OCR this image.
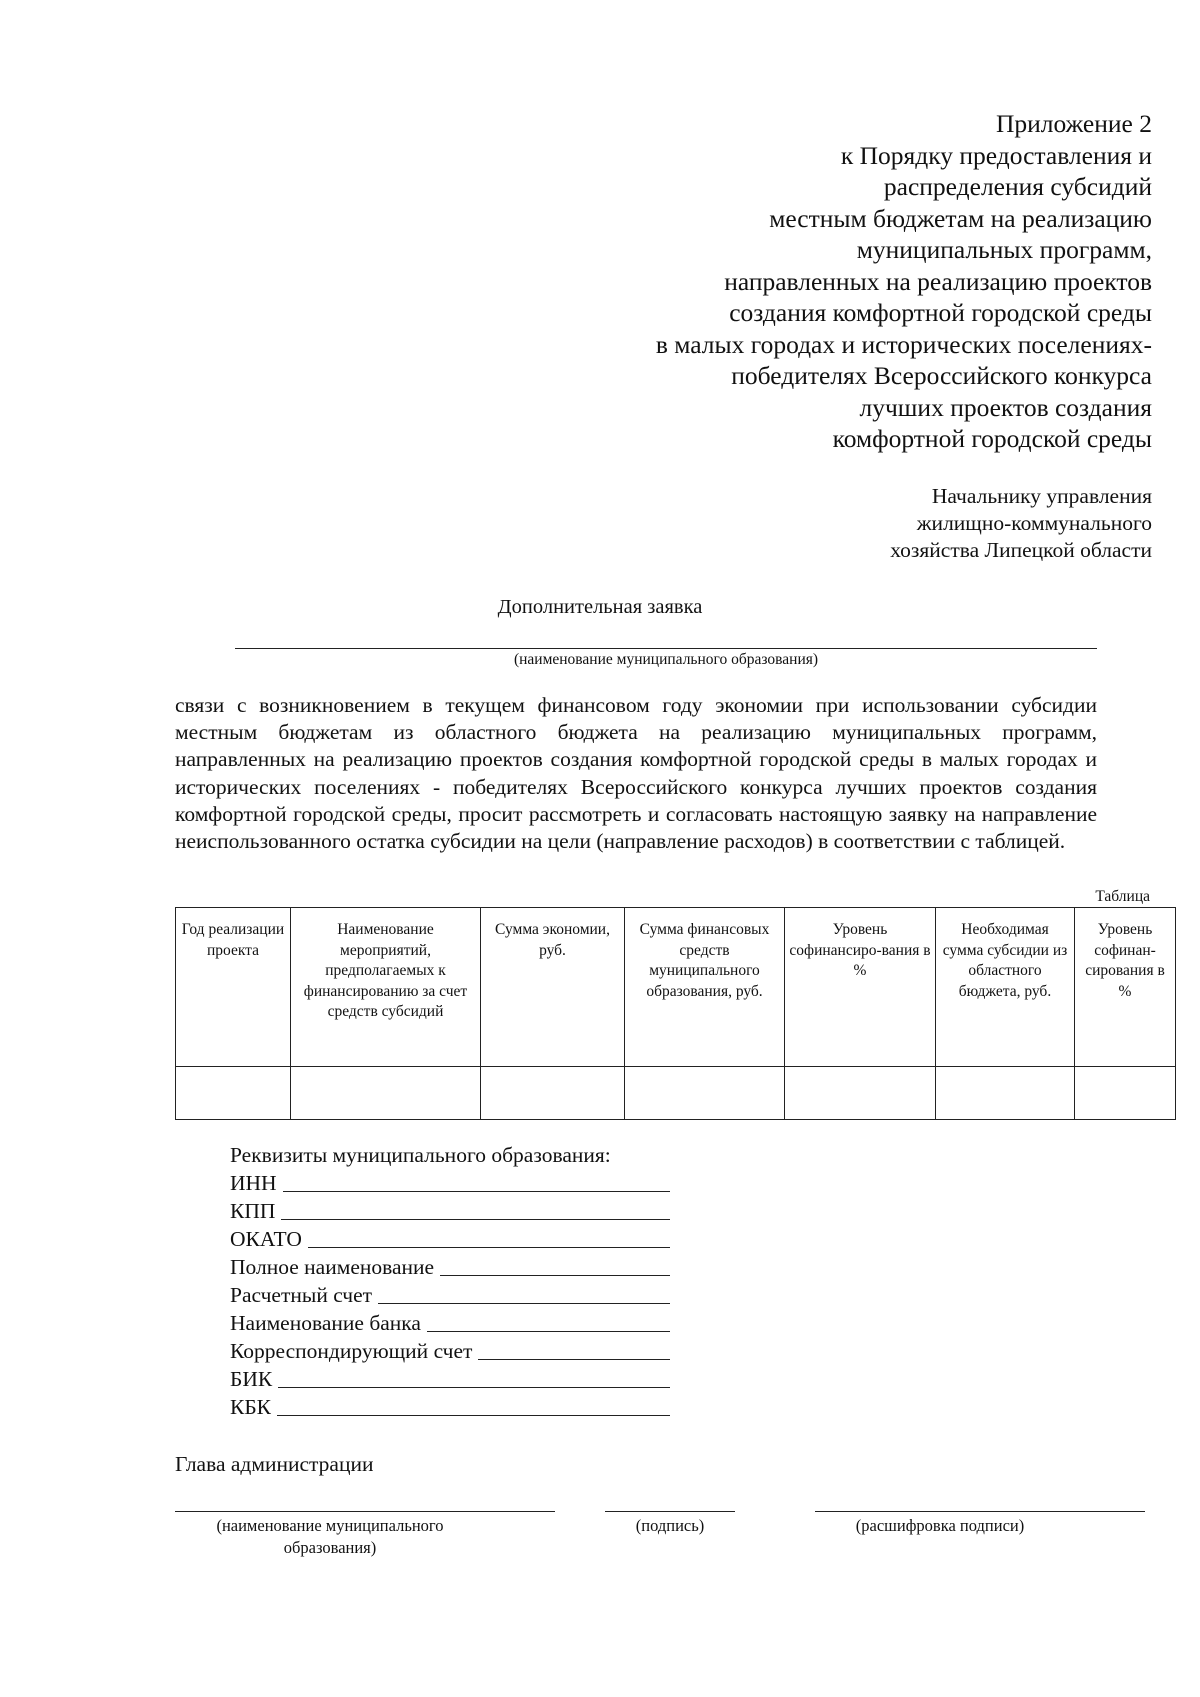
Приложение 2
к Порядку предоставления и
распределения субсидий
местным бюджетам на реализацию
муниципальных программ,
направленных на реализацию проектов
создания комфортной городской среды
в малых городах и исторических поселениях-
победителях Всероссийского конкурса
лучших проектов создания
комфортной городской среды
Начальнику управления
жилищно-коммунального
хозяйства Липецкой области
Дополнительная заявка
(наименование муниципального образования)
связи с возникновением в текущем финансовом году экономии при использовании субсидии местным бюджетам из областного бюджета на реализацию муниципальных программ, направленных на реализацию проектов создания комфортной городской среды в малых городах и исторических поселениях - победителях Всероссийского конкурса лучших проектов создания комфортной городской среды, просит рассмотреть и согласовать настоящую заявку на направление неиспользованного остатка субсидии на цели (направление расходов) в соответствии с таблицей.
Таблица
Год реализации проекта	Наименование мероприятий, предполагаемых к финансированию за счет средств субсидий	Сумма экономии, руб.	Сумма финансовых средств муниципального образования, руб.	Уровень софинансиро-вания в %	Необходимая сумма субсидии из областного бюджета, руб.	Уровень софинан-сирования в %

Реквизиты муниципального образования:
ИНН
КПП
ОКАТО
Полное наименование
Расчетный счет
Наименование банка
Корреспондирующий счет
БИК
КБК
Глава администрации
(наименование муниципального
образования)
(подпись)	(расшифровка подписи)
